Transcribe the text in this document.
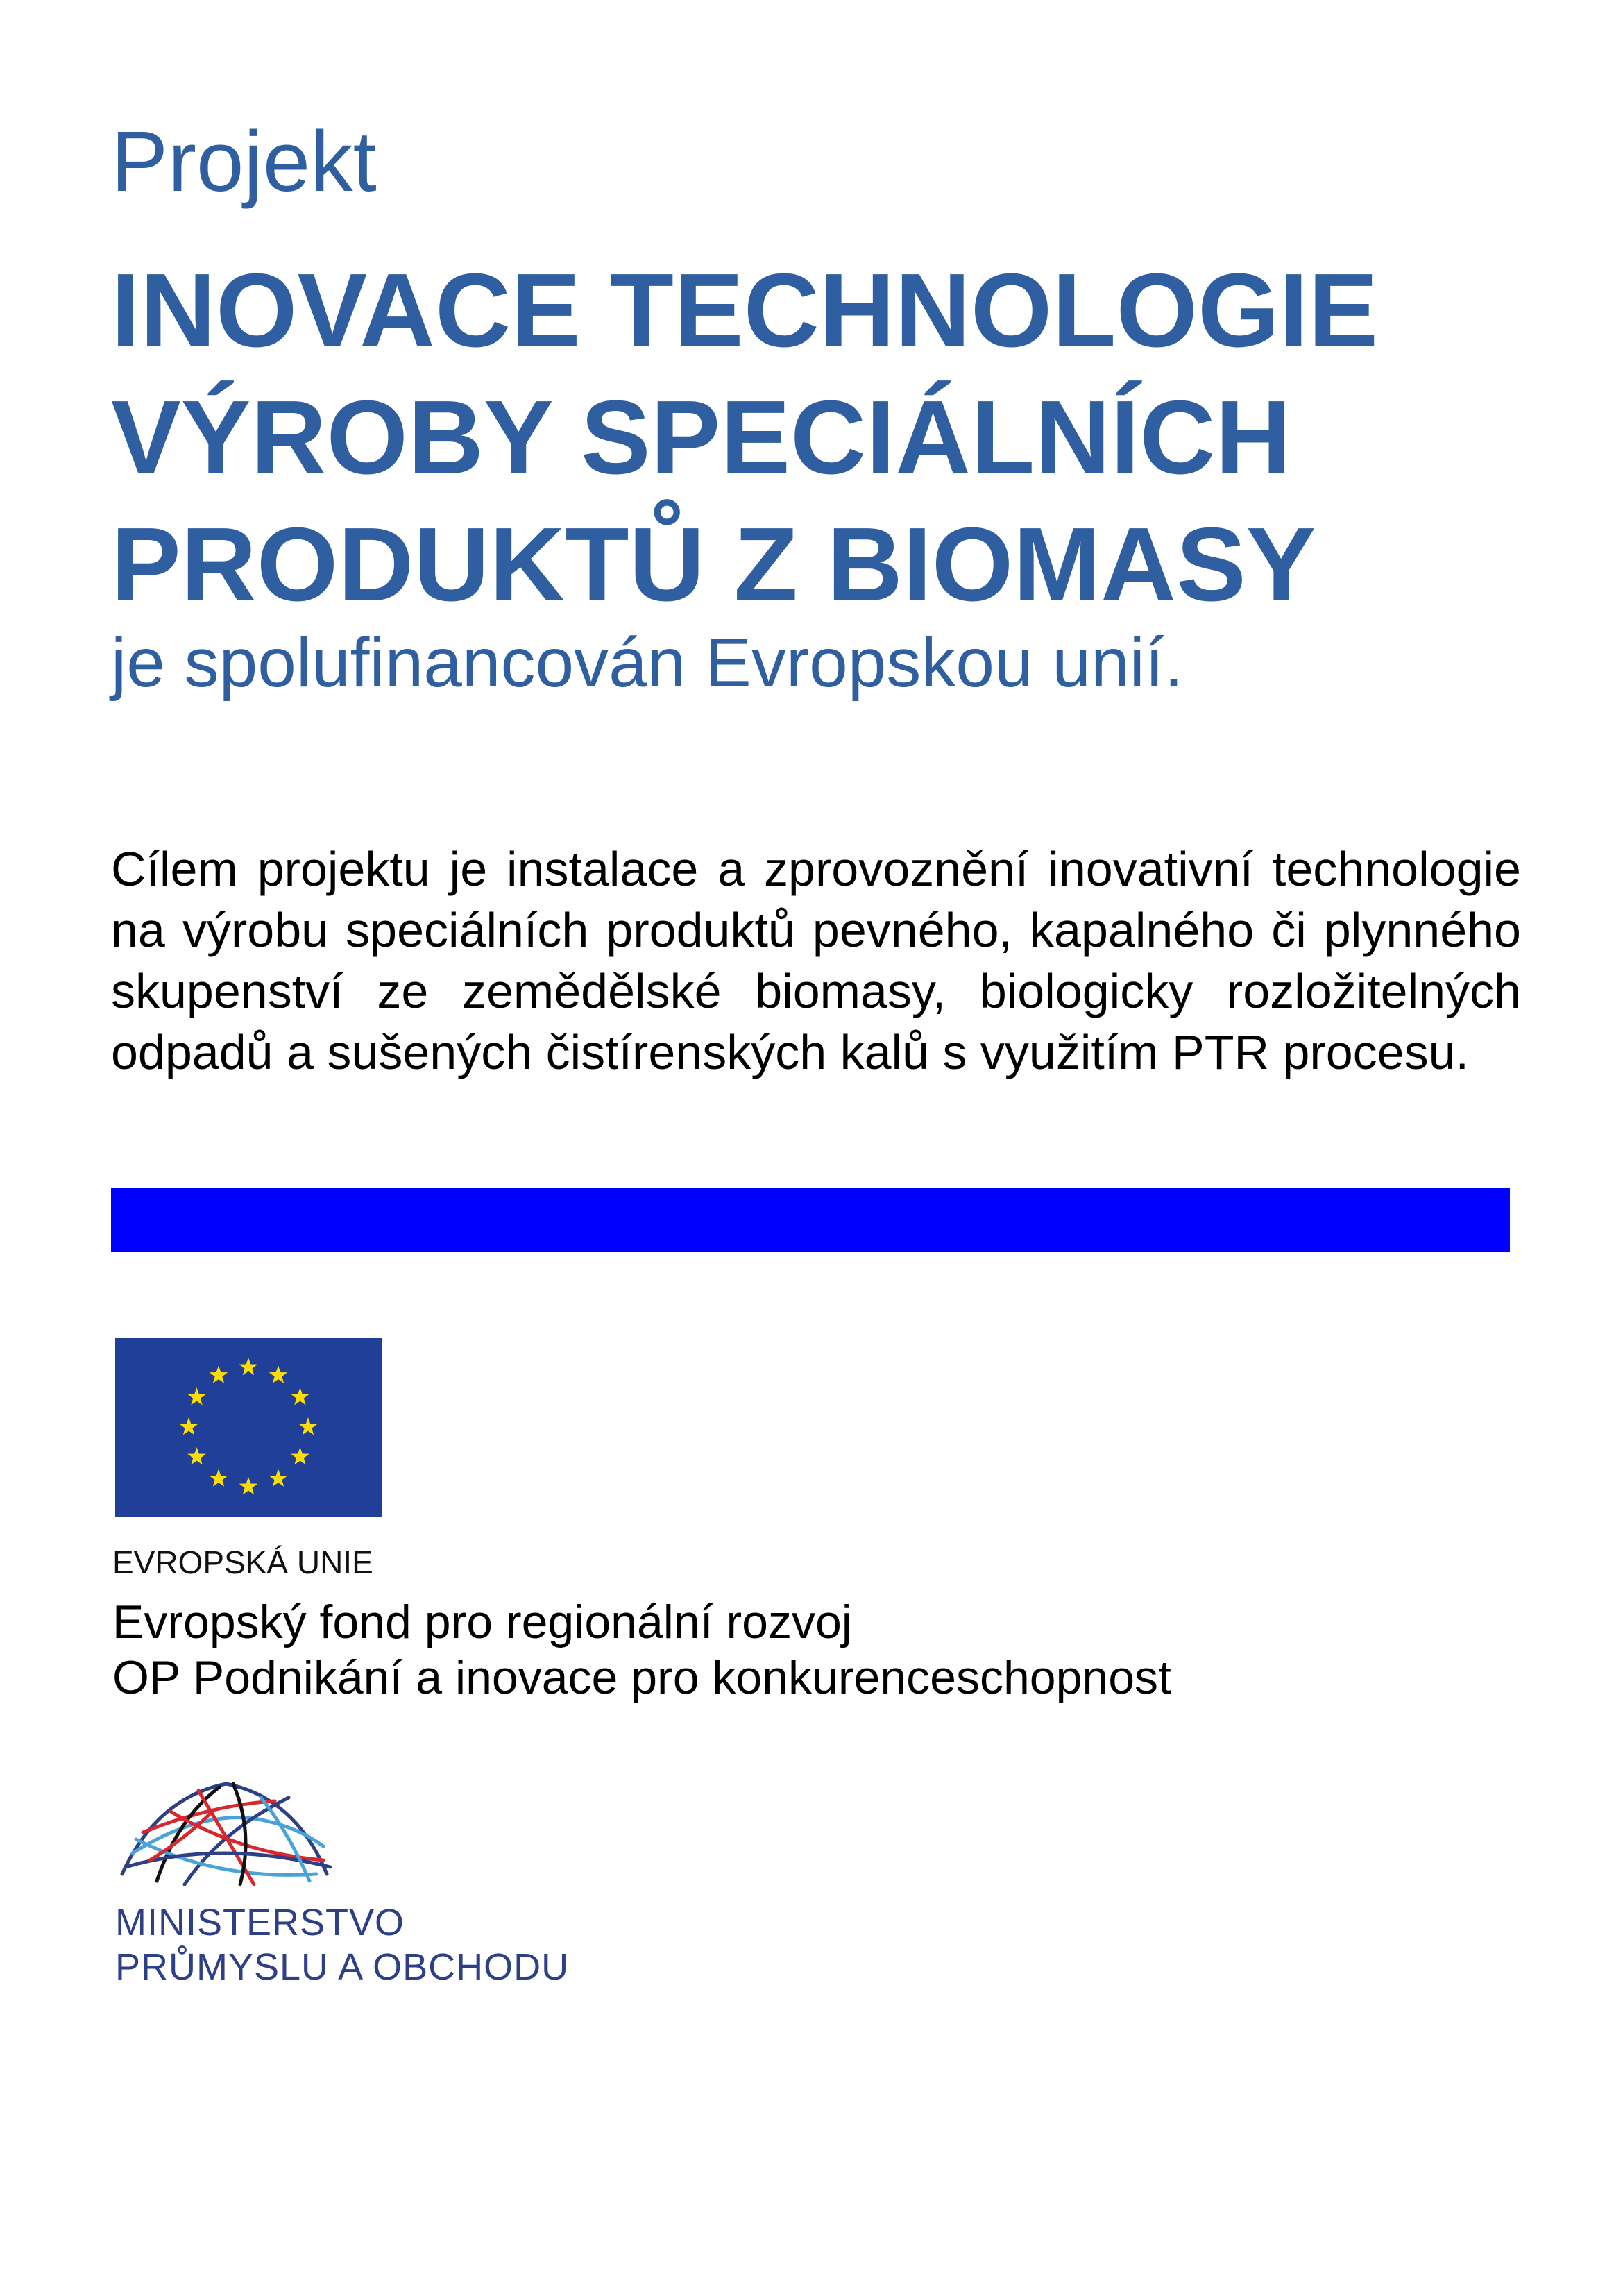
Projekt

INOVACE TECHNOLOGIE
VÝROBY SPECIÁLNÍCH
PRODUKTŮ Z BIOMASY

je spolufinancován Evropskou unií.

Cílem projektu je instalace a zprovoznění inovativní technologie na výrobu speciálních produktů pevného, kapalného či plynného skupenství ze zemědělské biomasy, biologicky rozložitelných odpadů a sušených čistírenských kalů s využitím PTR procesu.

EVROPSKÁ UNIE

Evropský fond pro regionální rozvoj

OP Podnikání a inovace pro konkurenceschopnost

MINISTERSTVO
PRŮMYSLU A OBCHODU
